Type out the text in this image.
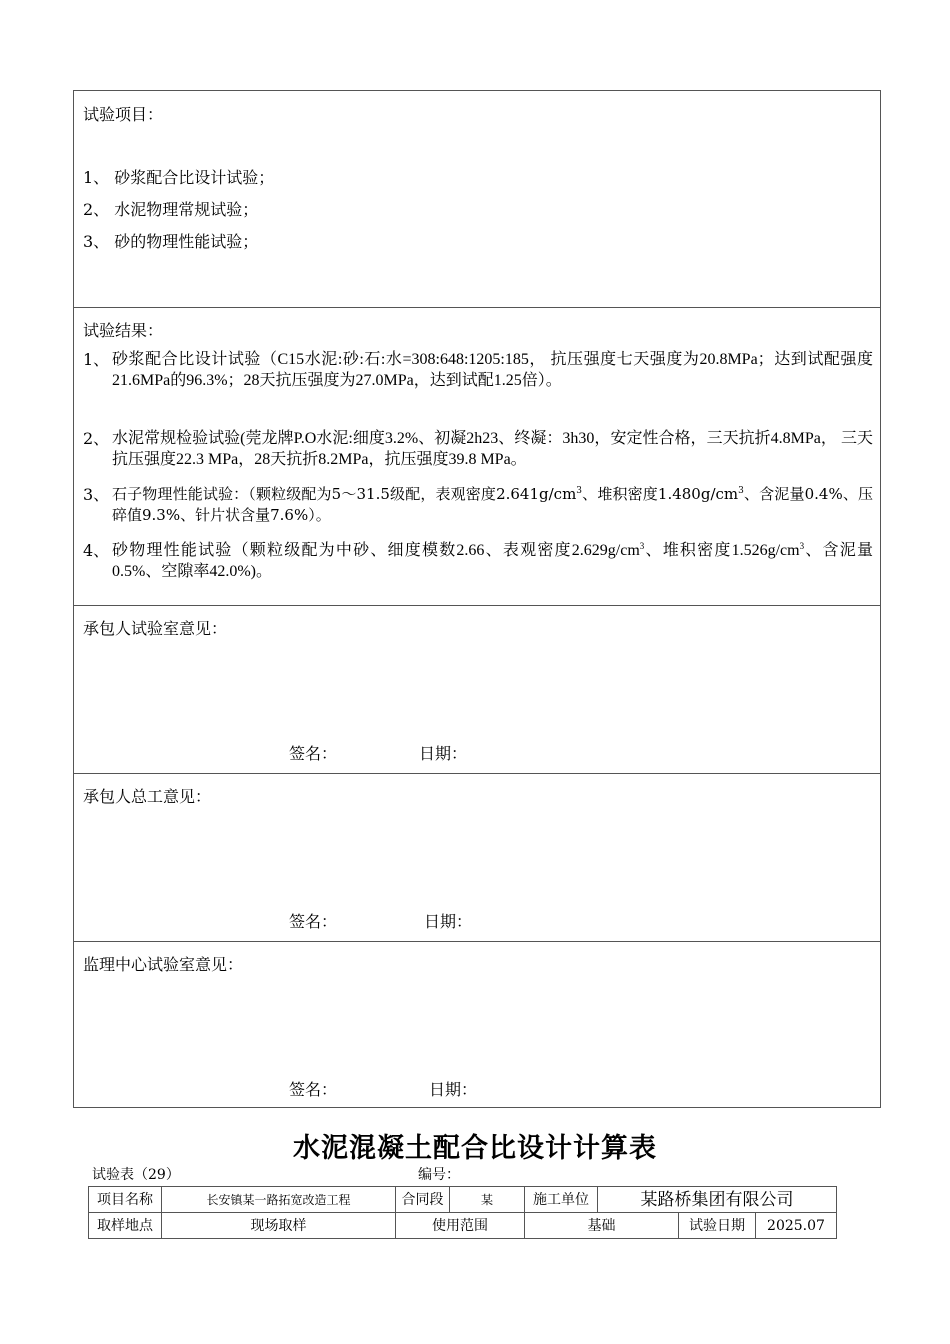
试验项目：
1、 砂浆配合比设计试验；
2、 水泥物理常规试验；
3、 砂的物理性能试验；
试验结果：
1、 砂浆配合比设计试验（C15水泥:砂:石:水=308:648:1205:185， 抗压强度七天强度为20.8MPa；达到试配强度21.6MPa的96.3%；28天抗压强度为27.0MPa，达到试配1.25倍）。
2、 水泥常规检验试验(莞龙牌P.O水泥:细度3.2%、初凝2h23、终凝：3h30，安定性合格，三天抗折4.8MPa， 三天抗压强度22.3 MPa，28天抗折8.2MPa，抗压强度39.8 MPa。
3、 石子物理性能试验：（颗粒级配为5～31.5级配，表观密度$2.641g/cm^3$、堆积密度$1.480g/cm^3$、含泥量0.4%、压碎值9.3%、针片状含量7.6%）。
4、 砂物理性能试验（颗粒级配为中砂、细度模数2.66、表观密度$2.629g/cm^3$、堆积密度$1.526g/cm^3$、含泥量0.5%、空隙率42.0%)。
承包人试验室意见：
签名：	日期：
承包人总工意见：
签名：	日期：
监理中心试验室意见：
签名：	日期：
水泥混凝土配合比设计计算表
试验表（29）	编号：
项目名称	长安镇某一路拓宽改造工程	合同段	某	施工单位	某路桥集团有限公司		
取样地点	现场取样	使用范围		基础		试验日期	2025.07
